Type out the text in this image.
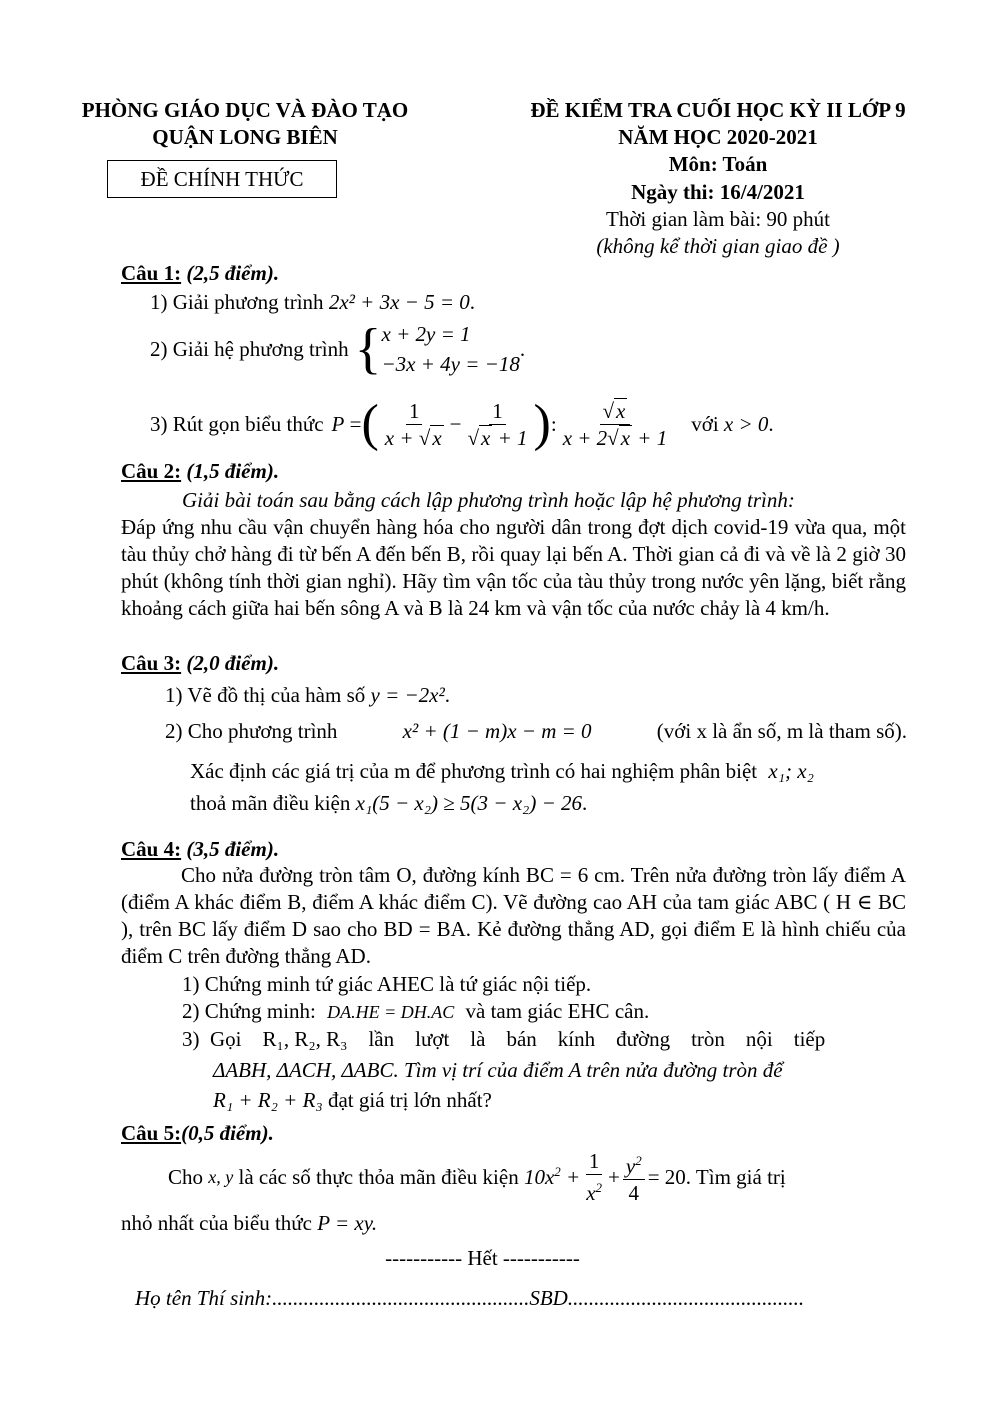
PHÒNG GIÁO DỤC VÀ ĐÀO TẠO
QUẬN LONG BIÊN
ĐỀ CHÍNH THỨC
ĐỀ KIỂM TRA CUỐI HỌC KỲ II LỚP 9
NĂM HỌC 2020-2021
Môn: Toán
Ngày thi: 16/4/2021
Thời gian làm bài: 90 phút
(không kể thời gian giao đề )
Câu 1: (2,5 điểm).
1) Giải phương trình 2x² + 3x − 5 = 0.
2) Giải hệ phương trình { x + 2y = 1
−3x + 4y = −18
.
3) Rút gọn biểu thức P = ( $\frac{1}{x + √x} - \frac{1}{√x + 1}$ ) : $\frac{√x}{x + 2√x + 1}$ với
x > 0 .
Câu 2: (1,5 điểm).
Giải bài toán sau bằng cách lập phương trình hoặc lập hệ phương trình:
Đáp ứng nhu cầu vận chuyển hàng hóa cho người dân trong đợt dịch covid-19 vừa qua, một tàu thủy chở hàng đi từ bến A đến bến B, rồi quay lại bến A. Thời gian cả đi và về là 2 giờ 30 phút (không tính thời gian nghỉ). Hãy tìm vận tốc của tàu thủy trong nước yên lặng, biết rằng khoảng cách giữa hai bến sông A và B là 24 km và vận tốc của nước chảy là 4 km/h.
Câu 3: (2,0 điểm).
1) Vẽ đồ thị của hàm số y = −2x².
2) Cho phương trình	x² + (1 − m)x − m = 0	(với x là ẩn số, m là tham số).
Xác định các giá trị của m để phương trình có hai nghiệm phân biệt x₁; x₂
thoả mãn điều kiện x₁(5 − x₂) ≥ 5(3 − x₂) − 26.
Câu 4: (3,5 điểm).
Cho nửa đường tròn tâm O, đường kính BC = 6 cm. Trên nửa đường tròn lấy điểm A (điểm A khác điểm B, điểm A khác điểm C). Vẽ đường cao AH của tam giác ABC ( H ∈ BC ), trên BC lấy điểm D sao cho BD = BA. Kẻ đường thẳng AD, gọi điểm E là hình chiếu của điểm C trên đường thẳng AD.
1) Chứng minh tứ giác AHEC là tứ giác nội tiếp.
2) Chứng minh: DA.HE = DH.AC và tam giác EHC cân.
3)  Gọi    R₁, R₂, R₃    lần    lượt    là    bán    kính    đường    tròn    nội    tiếp
ΔABH, ΔACH, ΔABC. Tìm vị trí của điểm A trên nửa đường tròn để
R₁ + R₂ + R₃ đạt giá trị lớn nhất?
Câu 5:(0,5 điểm).
Cho
x, y
là các số thực thỏa mãn điều kiện
$10x^2 + \frac{1}{x^2} + \frac{y^2}{4} = 20$ . Tìm giá trị
nhỏ nhất của biểu thức P = xy.
----------- Hết -----------
Họ tên Thí sinh:.................................................SBD.............................................
